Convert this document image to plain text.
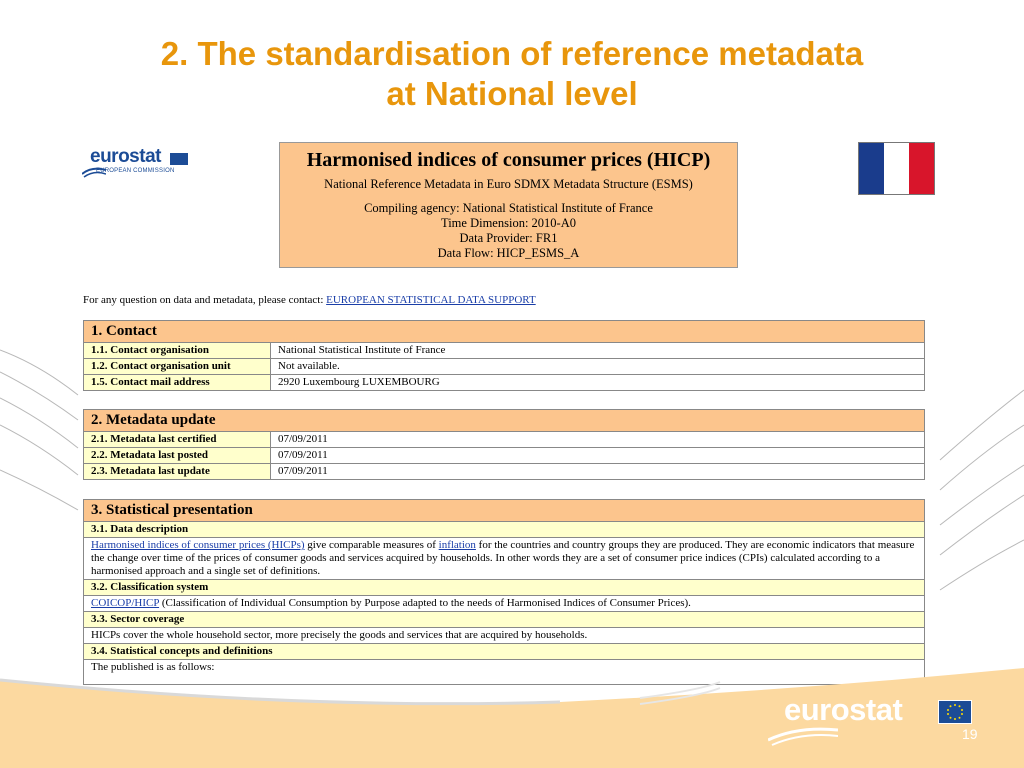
2. The standardisation of reference metadata
at National level
eurostat
EUROPEAN COMMISSION	Harmonised indices of consumer prices (HICP)
National Reference Metadata in Euro SDMX Metadata Structure (ESMS)
Compiling agency: National Statistical Institute of France
Time Dimension: 2010-A0
Data Provider: FR1
Data Flow: HICP_ESMS_A
For any question on data and metadata, please contact: EUROPEAN STATISTICAL DATA SUPPORT
1. Contact	
1.1. Contact organisation	National Statistical Institute of France
1.2. Contact organisation unit	Not available.
1.5. Contact mail address	2920 Luxembourg LUXEMBOURG
2. Metadata update	
2.1. Metadata last certified	07/09/2011
2.2. Metadata last posted	07/09/2011
2.3. Metadata last update	07/09/2011
3. Statistical presentation
3.1. Data description
Harmonised indices of consumer prices (HICPs) give comparable measures of inflation for the countries and country groups they are produced. They are economic indicators that measure the change over time of the prices of consumer goods and services acquired by households. In other words they are a set of consumer price indices (CPIs) calculated according to a harmonised approach and a single set of definitions.
3.2. Classification system
COICOP/HICP (Classification of Individual Consumption by Purpose adapted to the needs of Harmonised Indices of Consumer Prices).
3.3. Sector coverage
HICPs cover the whole household sector, more precisely the goods and services that are acquired by households.
3.4. Statistical concepts and definitions
The published is as follows:
eurostat
19
